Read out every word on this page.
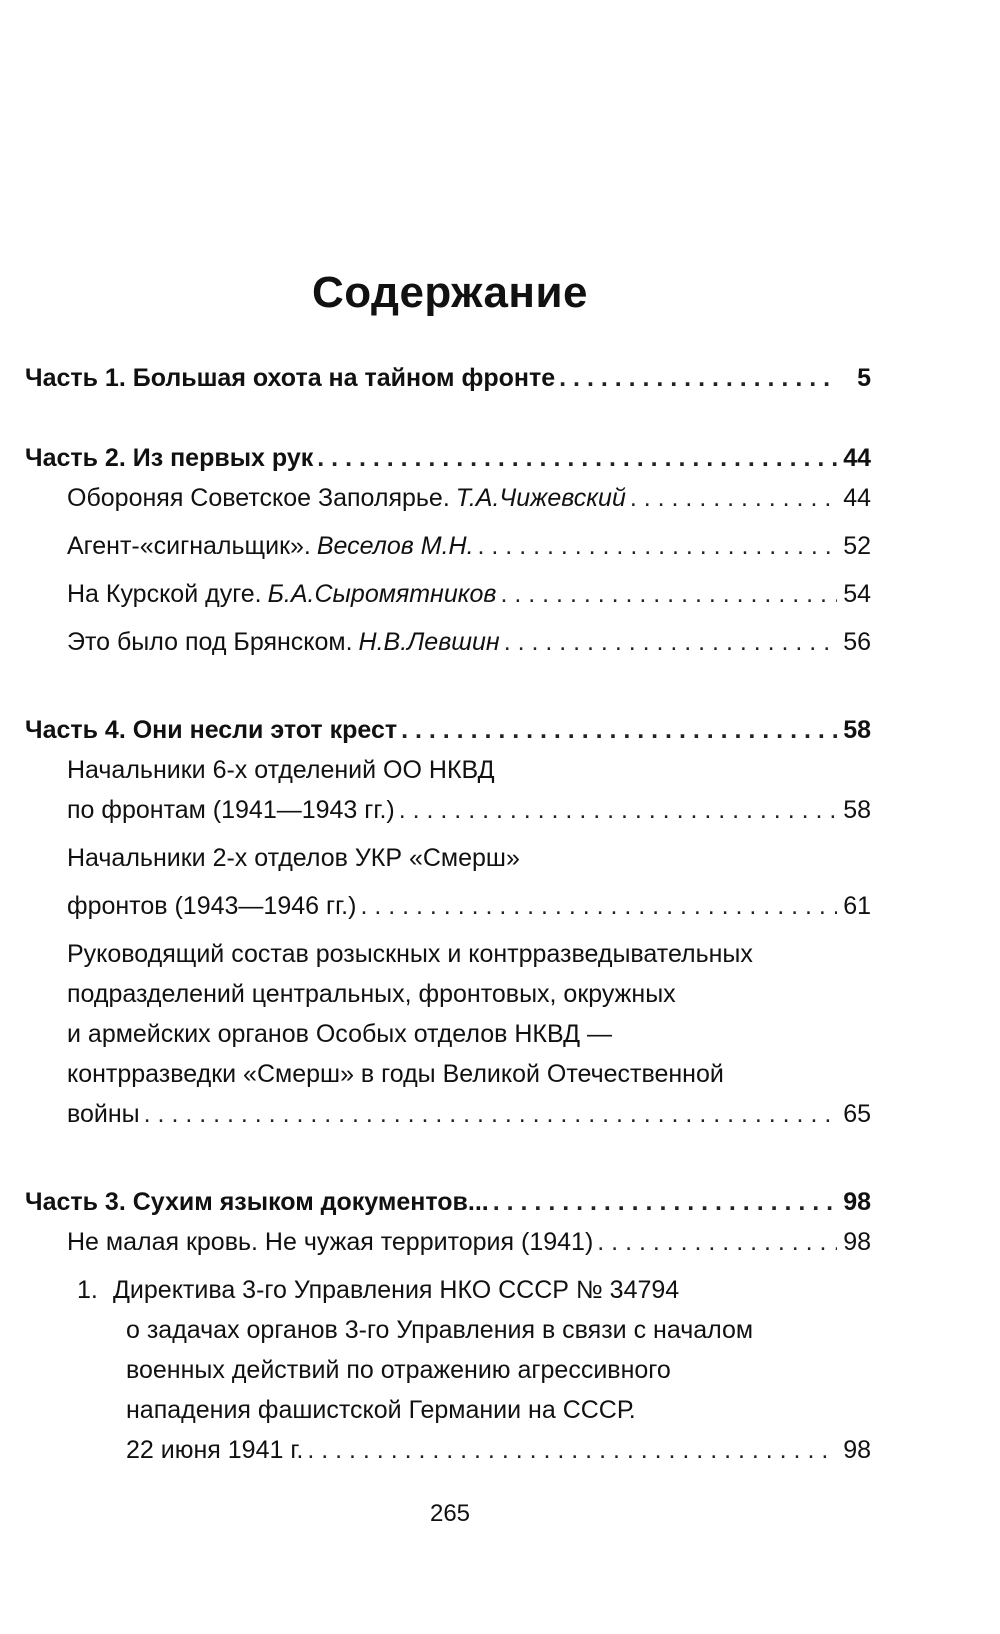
Содержание
Часть 1. Большая охота на тайном фронте . . .	5
Часть 2. Из первых рук . . .	44
Обороняя Советское Заполярье. Т.А.Чижевский . . .	44
Агент-«сигнальщик». Веселов М.Н. . . .	52
На Курской дуге. Б.А.Сыромятников . . .	54
Это было под Брянском. Н.В.Левшин . . .	56
Часть 4. Они несли этот крест . . .	58
Начальники 6-х отделений ОО НКВД
по фронтам (1941—1943 гг.) . . .	58
Начальники 2-х отделов УКР «Смерш»
фронтов (1943—1946 гг.) . . .	61
Руководящий состав розыскных и контрразведывательных
подразделений центральных, фронтовых, окружных
и армейских органов Особых отделов НКВД —
контрразведки «Смерш» в годы Великой Отечественной
войны . . .	65
Часть 3. Сухим языком документов... . . .	98
Не малая кровь. Не чужая территория (1941) . . .	98
1. Директива 3-го Управления НКО СССР № 34794
о задачах органов 3-го Управления в связи с началом
военных действий по отражению агрессивного
нападения фашистской Германии на СССР.
22 июня 1941 г. . . .	98
265
